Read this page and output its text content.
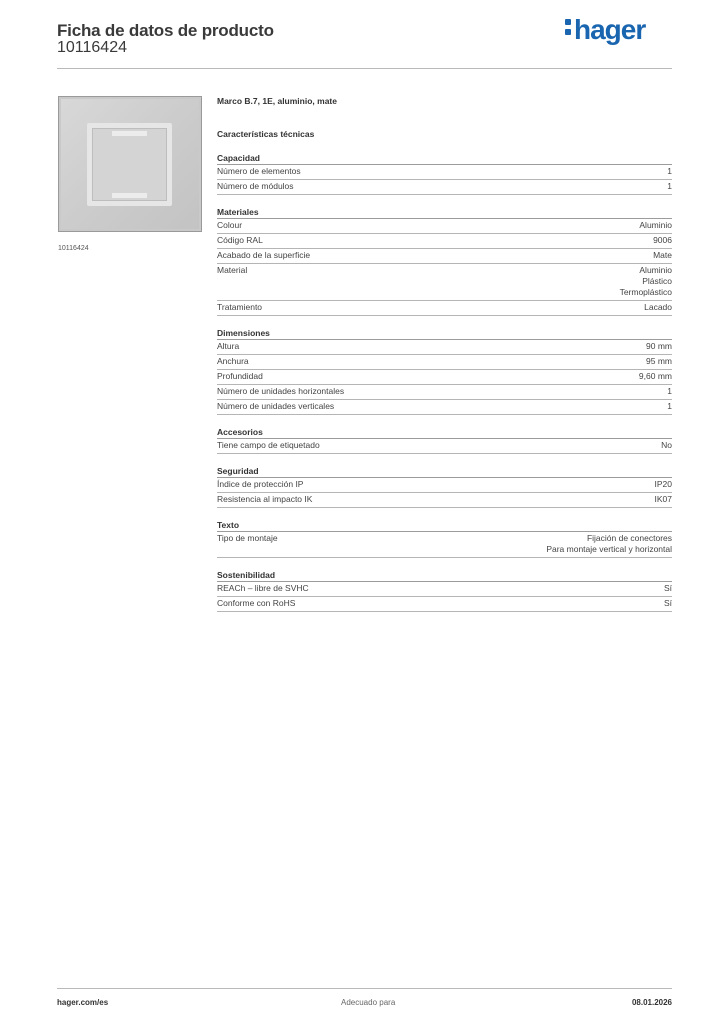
Ficha de datos de producto
10116424
hager
10116424
Marco B.7, 1E, aluminio, mate
Características técnicas
Capacidad
Número de elementos	1
Número de módulos	1
Materiales
Colour	Aluminio
Código RAL	9006
Acabado de la superficie	Mate
Material	Aluminio
Plástico
Termoplástico
Tratamiento	Lacado
Dimensiones
Altura	90 mm
Anchura	95 mm
Profundidad	9,60 mm
Número de unidades horizontales	1
Número de unidades verticales	1
Accesorios
Tiene campo de etiquetado	No
Seguridad
Índice de protección IP	IP20
Resistencia al impacto IK	IK07
Texto
Tipo de montaje	Fijación de conectores
Para montaje vertical y horizontal
Sostenibilidad
REACh – libre de SVHC	Sí
Conforme con RoHS	Sí
hager.com/es	Adecuado para	08.01.2026
